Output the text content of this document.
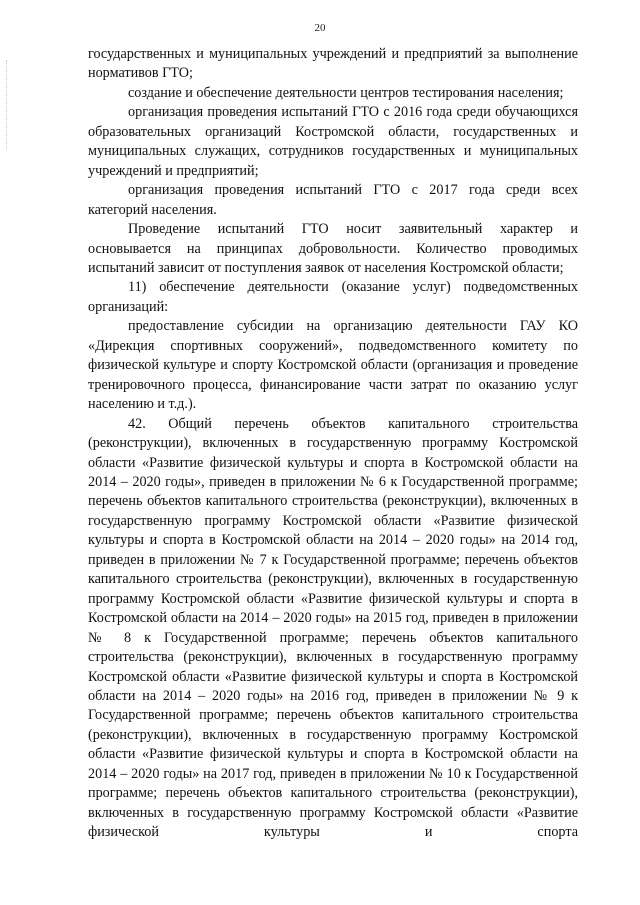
20

государственных и муниципальных учреждений и предприятий за выполнение нормативов ГТО;

создание и обеспечение деятельности центров тестирования населения;

организация проведения испытаний ГТО с 2016 года среди обучающихся образовательных организаций Костромской области, государственных и муниципальных служащих, сотрудников государственных и муниципальных учреждений и предприятий;

организация проведения испытаний ГТО с 2017 года среди всех категорий населения.

Проведение испытаний ГТО носит заявительный характер и основывается на принципах добровольности. Количество проводимых испытаний зависит от поступления заявок от населения Костромской области;

11) обеспечение деятельности (оказание услуг) подведомственных организаций:

предоставление субсидии на организацию деятельности ГАУ КО «Дирекция спортивных сооружений», подведомственного комитету по физической культуре и спорту Костромской области (организация и проведение тренировочного процесса, финансирование части затрат по оказанию услуг населению и т.д.).

42. Общий перечень объектов капитального строительства (реконструкции), включенных в государственную программу Костромской области «Развитие физической культуры и спорта в Костромской области на 2014 – 2020 годы», приведен в приложении № 6 к Государственной программе; перечень объектов капитального строительства (реконструкции), включенных в государственную программу Костромской области «Развитие физической культуры и спорта в Костромской области на 2014 – 2020 годы» на 2014 год, приведен в приложении № 7 к Государственной программе; перечень объектов капитального строительства (реконструкции), включенных в государственную программу Костромской области «Развитие физической культуры и спорта в Костромской области на 2014 – 2020 годы» на 2015 год, приведен в приложении № 8 к Государственной программе; перечень объектов капитального строительства (реконструкции), включенных в государственную программу Костромской области «Развитие физической культуры и спорта в Костромской области на 2014 – 2020 годы» на 2016 год, приведен в приложении № 9 к Государственной программе; перечень объектов капитального строительства (реконструкции), включенных в государственную программу Костромской области «Развитие физической культуры и спорта в Костромской области на 2014 – 2020 годы» на 2017 год, приведен в приложении № 10 к Государственной программе; перечень объектов капитального строительства (реконструкции), включенных в государственную программу Костромской области «Развитие физической культуры и спорта
